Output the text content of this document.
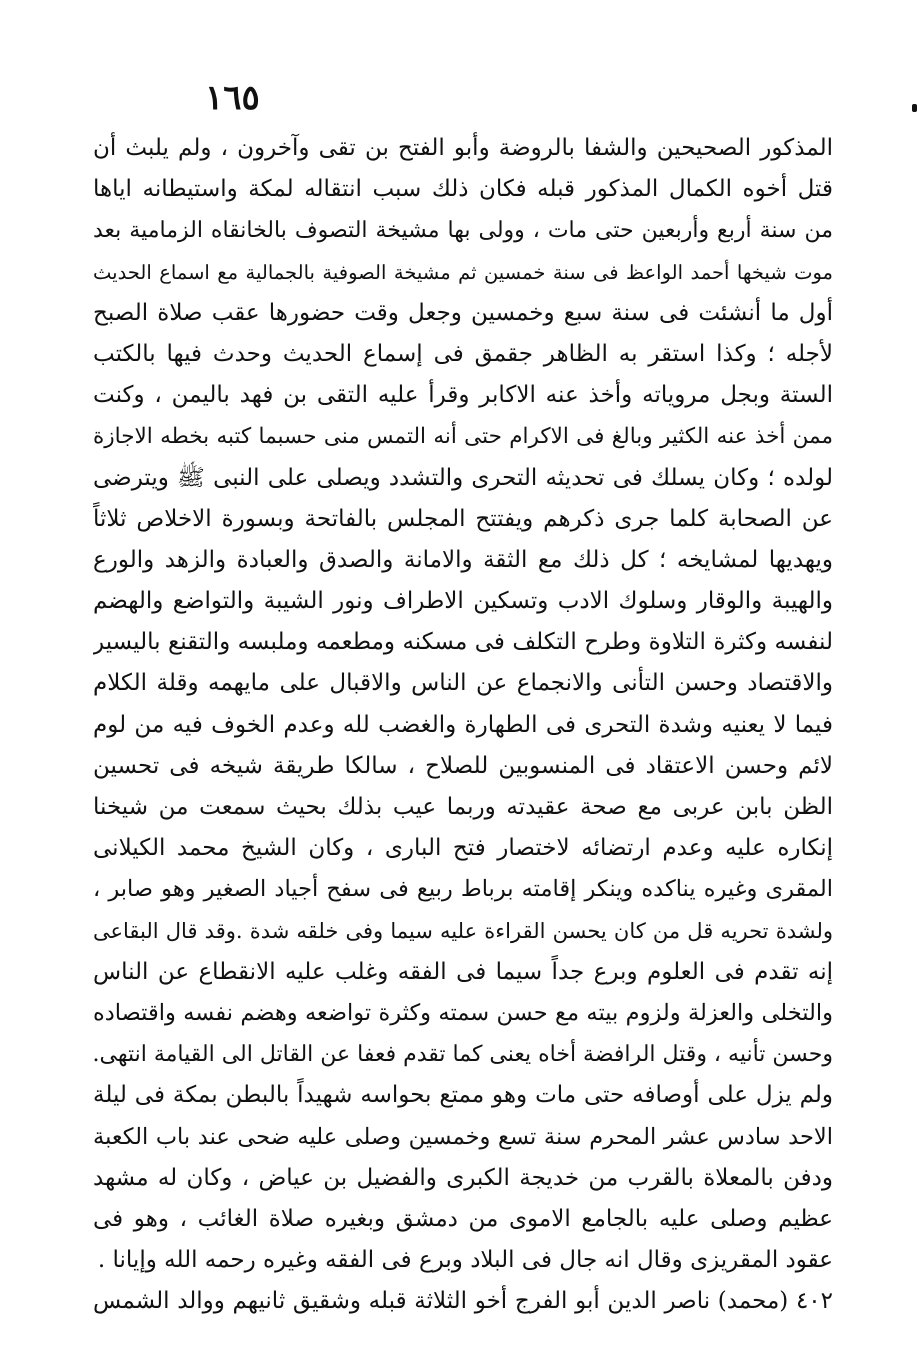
١٦٥
المذكور الصحيحين والشفا بالروضة وأبو الفتح بن تقى وآخرون ، ولم يلبث أن
قتل أخوه الكمال المذكور قبله فكان ذلك سبب انتقاله لمكة واستيطانه اياها
من سنة أربع وأربعين حتى مات ، وولى بها مشيخة التصوف بالخانقاه الزمامية بعد
موت شيخها أحمد الواعظ فى سنة خمسين ثم مشيخة الصوفية بالجمالية مع اسماع الحديث
أول ما أنشئت فى سنة سبع وخمسين وجعل وقت حضورها عقب صلاة الصبح
لأجله ؛ وكذا استقر به الظاهر جقمق فى إسماع الحديث وحدث فيها بالكتب
الستة وبجل مروياته وأخذ عنه الاكابر وقرأ عليه التقى بن فهد باليمن ، وكنت
ممن أخذ عنه الكثير وبالغ فى الاكرام حتى أنه التمس منى حسبما كتبه بخطه الاجازة
لولده ؛ وكان يسلك فى تحديثه التحرى والتشدد ويصلى على النبى ﷺ ويترضى
عن الصحابة كلما جرى ذكرهم ويفتتح المجلس بالفاتحة وبسورة الاخلاص ثلاثاً
ويهديها لمشايخه ؛ كل ذلك مع الثقة والامانة والصدق والعبادة والزهد والورع
والهيبة والوقار وسلوك الادب وتسكين الاطراف ونور الشيبة والتواضع والهضم
لنفسه وكثرة التلاوة وطرح التكلف فى مسكنه ومطعمه وملبسه والتقنع باليسير
والاقتصاد وحسن التأنى والانجماع عن الناس والاقبال على مايهمه وقلة الكلام
فيما لا يعنيه وشدة التحرى فى الطهارة والغضب لله وعدم الخوف فيه من لوم
لائم وحسن الاعتقاد فى المنسوبين للصلاح ، سالكا طريقة شيخه فى تحسين
الظن بابن عربى مع صحة عقيدته وربما عيب بذلك بحيث سمعت من شيخنا
إنكاره عليه وعدم ارتضائه لاختصار فتح البارى ، وكان الشيخ محمد الكيلانى
المقرى وغيره يناكده وينكر إقامته برباط ربيع فى سفح أجياد الصغير وهو صابر ،
ولشدة تحريه قل من كان يحسن القراءة عليه سيما وفى خلقه شدة .وقد قال البقاعى
إنه تقدم فى العلوم وبرع جداً سيما فى الفقه وغلب عليه الانقطاع عن الناس
والتخلى والعزلة ولزوم بيته مع حسن سمته وكثرة تواضعه وهضم نفسه واقتصاده
وحسن تأنيه ، وقتل الرافضة أخاه يعنى كما تقدم فعفا عن القاتل الى القيامة انتهى.
ولم يزل على أوصافه حتى مات وهو ممتع بحواسه شهيداً بالبطن بمكة فى ليلة
الاحد سادس عشر المحرم سنة تسع وخمسين وصلى عليه ضحى عند باب الكعبة
ودفن بالمعلاة بالقرب من خديجة الكبرى والفضيل بن عياض ، وكان له مشهد
عظيم وصلى عليه بالجامع الاموى من دمشق وبغيره صلاة الغائب ، وهو فى
عقود المقريزى وقال انه جال فى البلاد وبرع فى الفقه وغيره رحمه الله وإيانا .
٤٠٢ (محمد) ناصر الدين أبو الفرج أخو الثلاثة قبله وشقيق ثانيهم ووالد الشمس
